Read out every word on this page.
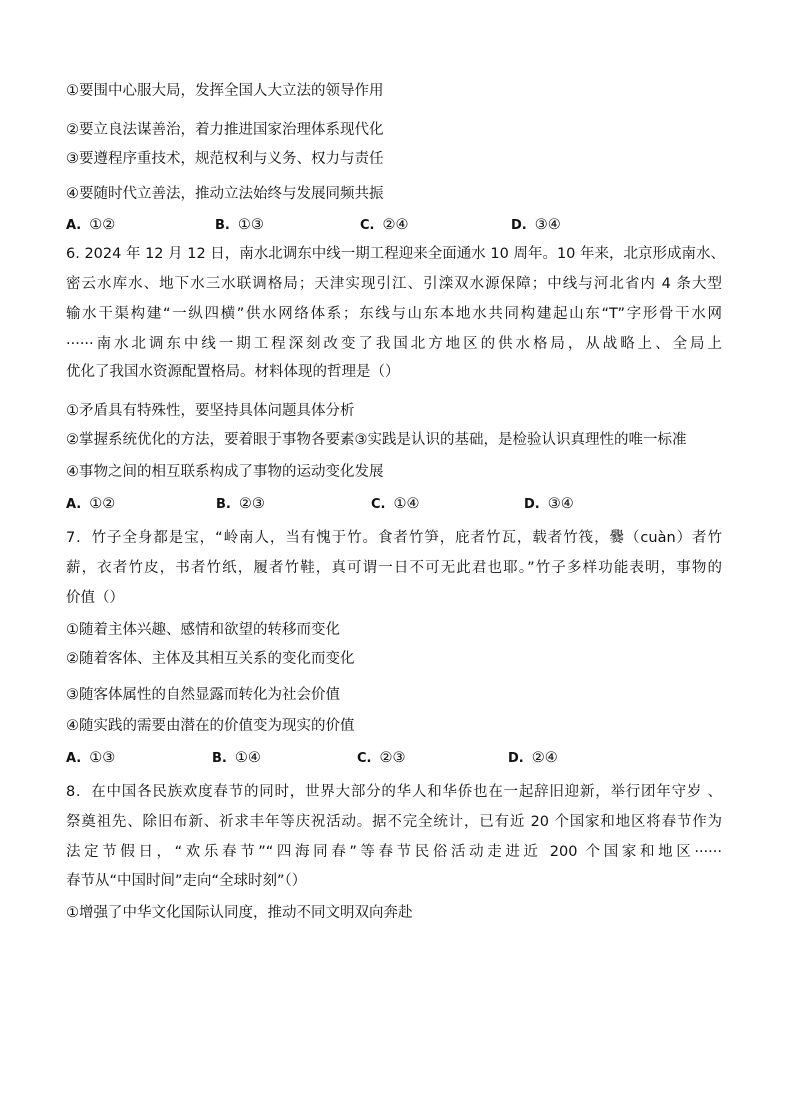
①要围中心服大局，发挥全国人大立法的领导作用
②要立良法谋善治，着力推进国家治理体系现代化
③要遵程序重技术，规范权利与义务、权力与责任
④要随时代立善法，推动立法始终与发展同频共振
A. ①②	B. ①③	C. ②④	D. ③④
6. 2024 年 12 月 12 日，南水北调东中线一期工程迎来全面通水 10 周年。10 年来，北京形成南水、
密云水库水、地下水三水联调格局；天津实现引江、引滦双水源保障；中线与河北省内 4 条大型
输水干渠构建“一纵四横”供水网络体系；东线与山东本地水共同构建起山东“T”字形骨干水网
······南水北调东中线一期工程深刻改变了我国北方地区的供水格局，从战略上、全局上
优化了我国水资源配置格局。材料体现的哲理是（）
①矛盾具有特殊性，要坚持具体问题具体分析
②掌握系统优化的方法，要着眼于事物各要素③实践是认识的基础，是检验认识真理性的唯一标准
④事物之间的相互联系构成了事物的运动变化发展
A. ①②	B. ②③	C. ①④	D. ③④
7．竹子全身都是宝，“岭南人，当有愧于竹。食者竹笋，庇者竹瓦，载者竹筏，爨（cuàn）者竹
薪，衣者竹皮，书者竹纸，履者竹鞋，真可谓一日不可无此君也耶。”竹子多样功能表明，事物的
价值（）
①随着主体兴趣、感情和欲望的转移而变化
②随着客体、主体及其相互关系的变化而变化
③随客体属性的自然显露而转化为社会价值
④随实践的需要由潜在的价值变为现实的价值
A. ①③	B. ①④	C. ②③	D. ②④
8．在中国各民族欢度春节的同时，世界大部分的华人和华侨也在一起辞旧迎新，举行团年守岁 、
祭奠祖先、除旧布新、祈求丰年等庆祝活动。据不完全统计，已有近 20 个国家和地区将春节作为
法定节假日，“欢乐春节”“四海同春”等春节民俗活动走进近 200 个国家和地区······
春节从“中国时间”走向“全球时刻”（）
①增强了中华文化国际认同度，推动不同文明双向奔赴
